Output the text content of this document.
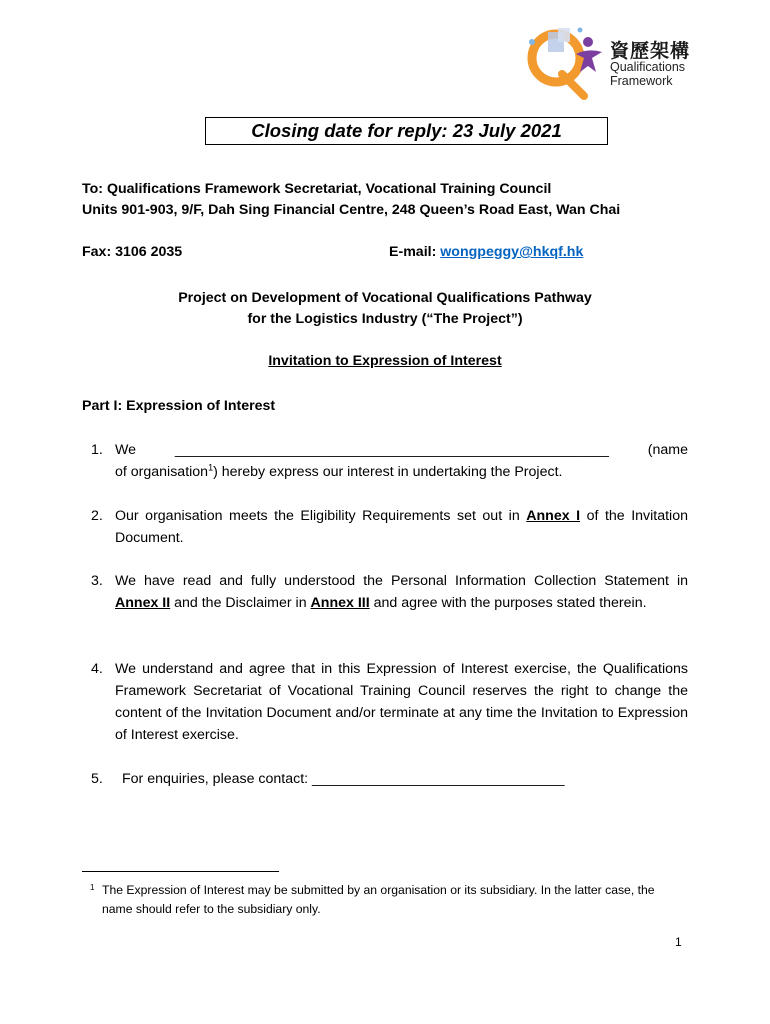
資歷架構
Qualifications
Framework
Closing date for reply: 23 July 2021
To: Qualifications Framework Secretariat, Vocational Training Council
Units 901-903, 9/F, Dah Sing Financial Centre, 248 Queen’s Road East, Wan Chai
Fax: 3106 2035	E-mail: wongpeggy@hkqf.hk
Project on Development of Vocational Qualifications Pathway
for the Logistics Industry (“The Project”)
Invitation to Expression of Interest
Part I: Expression of Interest
1. We	_______________________________________________________	(name
of organisation$^1$) hereby express our interest in undertaking the Project.
2. Our organisation meets the Eligibility Requirements set out in Annex I of the Invitation Document.
3. We have read and fully understood the Personal Information Collection Statement in Annex II and the Disclaimer in Annex III and agree with the purposes stated therein.
4. We understand and agree that in this Expression of Interest exercise, the Qualifications Framework Secretariat of Vocational Training Council reserves the right to change the content of the Invitation Document and/or terminate at any time the Invitation to Expression of Interest exercise.
5. For enquiries, please contact: ________________________________
1 The Expression of Interest may be submitted by an organisation or its subsidiary. In the latter case, the name should refer to the subsidiary only.
1
